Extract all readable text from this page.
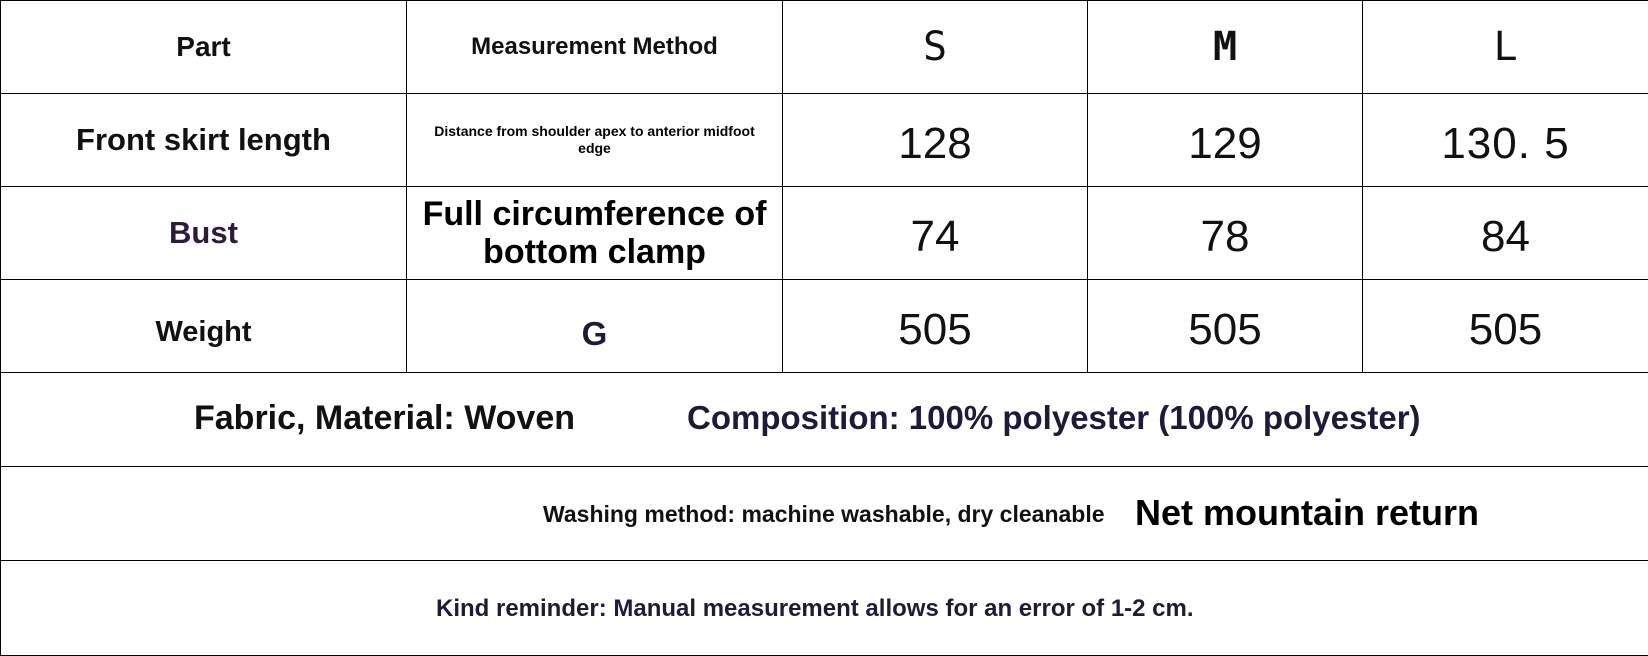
Part	Measurement Method	S	M	L
Front skirt length	Distance from shoulder apex to anterior midfoot edge	128	129	130. 5
Bust	Full circumference of bottom clamp	74	78	84
Weight	G	505	505	505

Fabric, Material: Woven Composition: 100% polyester (100% polyester)				

Washing method: machine washable, dry cleanable Net mountain return				

Kind reminder: Manual measurement allows for an error of 1-2 cm.				
